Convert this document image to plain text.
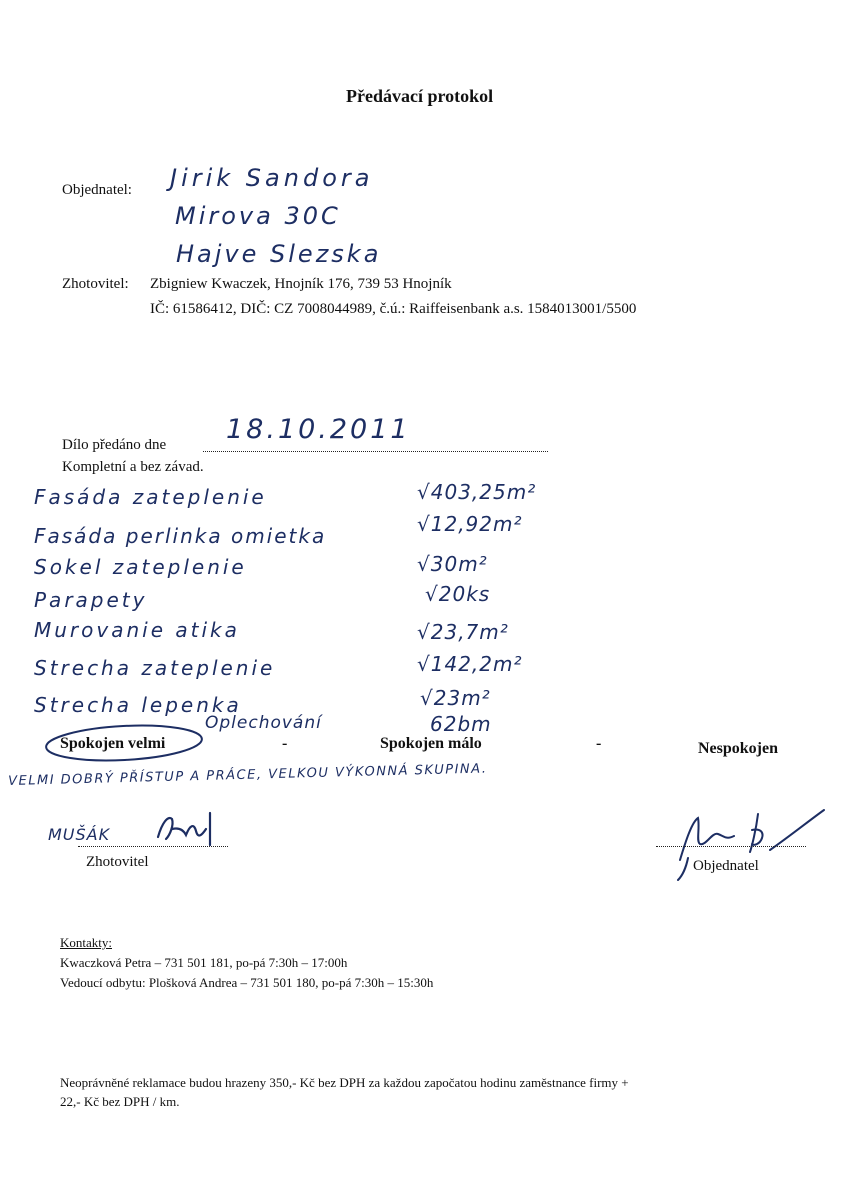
Předávací protokol
Objednatel: Jirik Sandora
Mirova 30C
Hajve Slezska
Zhotovitel: Zbigniew Kwaczek, Hnojník 176, 739 53 Hnojník
IČ: 61586412, DIČ: CZ 7008044989, č.ú.: Raiffeisenbank a.s. 1584013001/5500
Dílo předáno dne 18.10.2011
Kompletní a bez závad.
Fasáda zateplenie	√403,25m²
Fasáda perlinka omietka	√12,92m²
Sokel zateplenie	√30m²
Parapety	√20ks
Murovanie atika	√23,7m²
Strecha zateplenie	√142,2m²
Strecha lepenka	√23m²
Oplechování	62bm
Spokojen velmi	-	Spokojen málo	-	Nespokojen
VELMI DOBRÝ PŘÍSTUP A PRÁCE, VELKOU VÝKONNÁ SKUPINA.
MUŠÁK
Zhotovitel	Objednatel
Kontakty:
Kwaczková Petra – 731 501 181, po-pá 7:30h – 17:00h
Vedoucí odbytu: Plošková Andrea – 731 501 180, po-pá 7:30h – 15:30h
Neoprávněné reklamace budou hrazeny 350,- Kč bez DPH za každou započatou hodinu zaměstnance firmy +
22,- Kč bez DPH / km.
